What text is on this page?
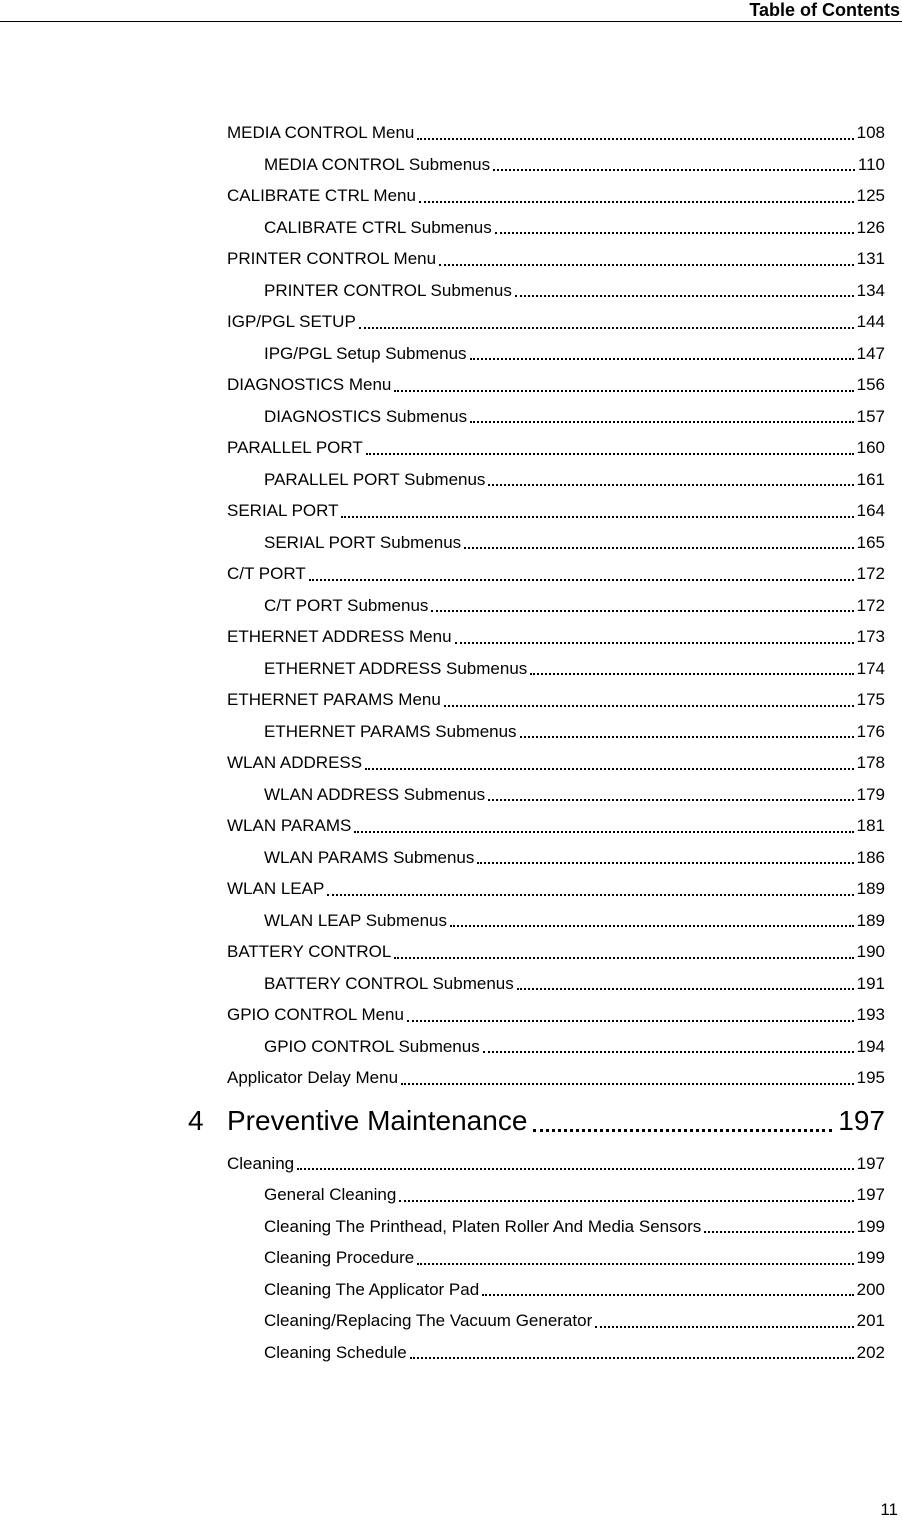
Table of Contents
MEDIA CONTROL Menu	108
MEDIA CONTROL Submenus	110
CALIBRATE CTRL Menu	125
CALIBRATE CTRL Submenus	126
PRINTER CONTROL Menu	131
PRINTER CONTROL Submenus	134
IGP/PGL SETUP	144
IPG/PGL Setup Submenus	147
DIAGNOSTICS Menu	156
DIAGNOSTICS Submenus	157
PARALLEL PORT	160
PARALLEL PORT Submenus	161
SERIAL PORT	164
SERIAL PORT Submenus	165
C/T PORT	172
C/T PORT Submenus	172
ETHERNET ADDRESS Menu	173
ETHERNET ADDRESS Submenus	174
ETHERNET PARAMS Menu	175
ETHERNET PARAMS Submenus	176
WLAN ADDRESS	178
WLAN ADDRESS Submenus	179
WLAN PARAMS	181
WLAN PARAMS Submenus	186
WLAN LEAP	189
WLAN LEAP Submenus	189
BATTERY CONTROL	190
BATTERY CONTROL Submenus	191
GPIO CONTROL Menu	193
GPIO CONTROL Submenus	194
Applicator Delay Menu	195
4 Preventive Maintenance	197
Cleaning	197
General Cleaning	197
Cleaning The Printhead, Platen Roller And Media Sensors	199
Cleaning Procedure	199
Cleaning The Applicator Pad	200
Cleaning/Replacing The Vacuum Generator	201
Cleaning Schedule	202
11
